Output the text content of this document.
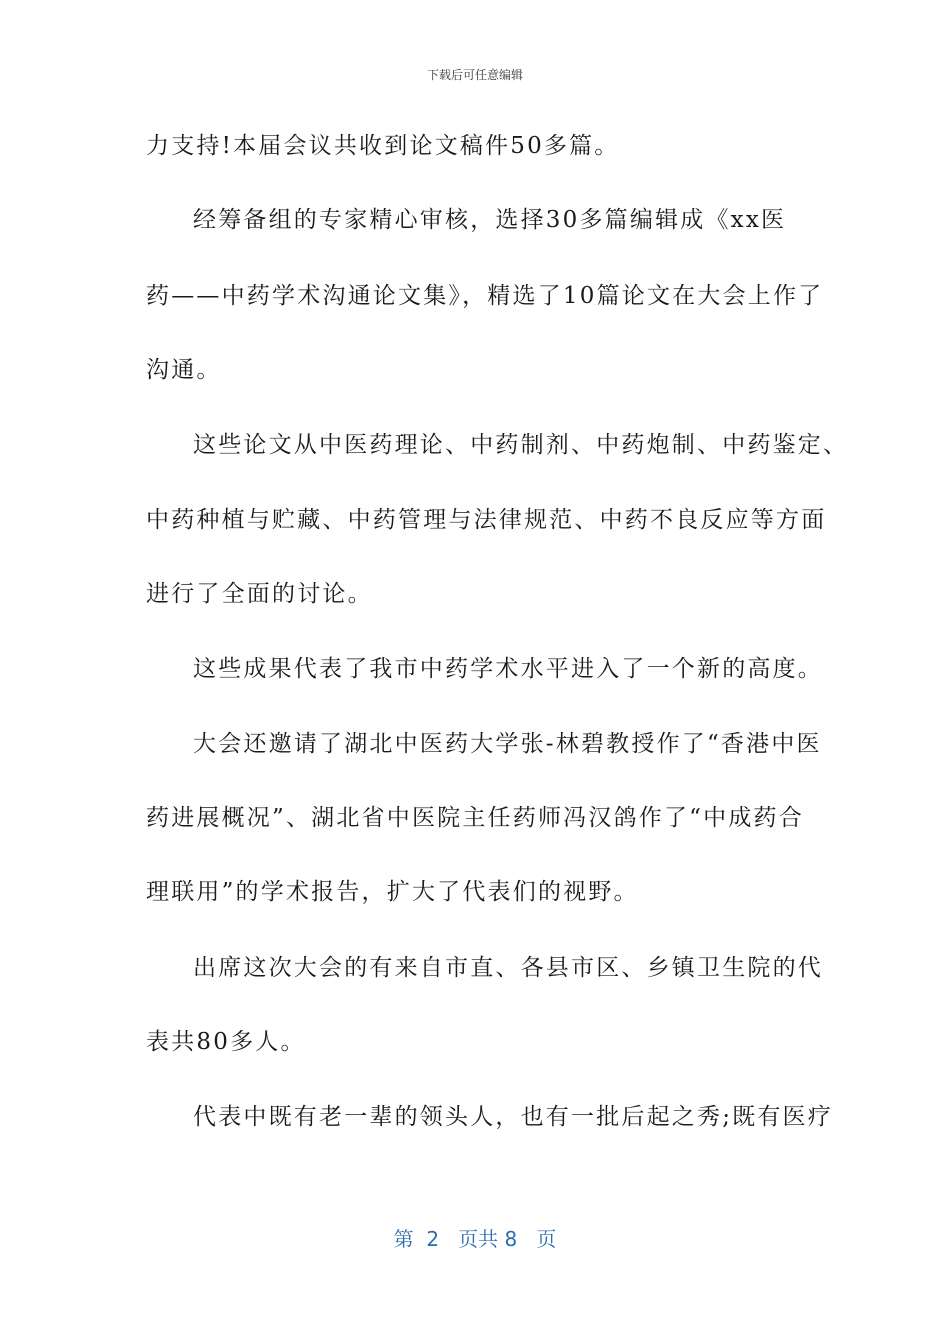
下载后可任意编辑
力支持!本届会议共收到论文稿件50多篇。
经筹备组的专家精心审核，选择30多篇编辑成《xx医
药——中药学术沟通论文集》，精选了10篇论文在大会上作了
沟通。
这些论文从中医药理论、中药制剂、中药炮制、中药鉴定、
中药种植与贮藏、中药管理与法律规范、中药不良反应等方面
进行了全面的讨论。
这些成果代表了我市中药学术水平进入了一个新的高度。
大会还邀请了湖北中医药大学张-林碧教授作了“香港中医
药进展概况”、湖北省中医院主任药师冯汉鸽作了“中成药合
理联用”的学术报告，扩大了代表们的视野。
出席这次大会的有来自市直、各县市区、乡镇卫生院的代
表共80多人。
代表中既有老一辈的领头人，也有一批后起之秀;既有医疗
第 2 页共 8 页
